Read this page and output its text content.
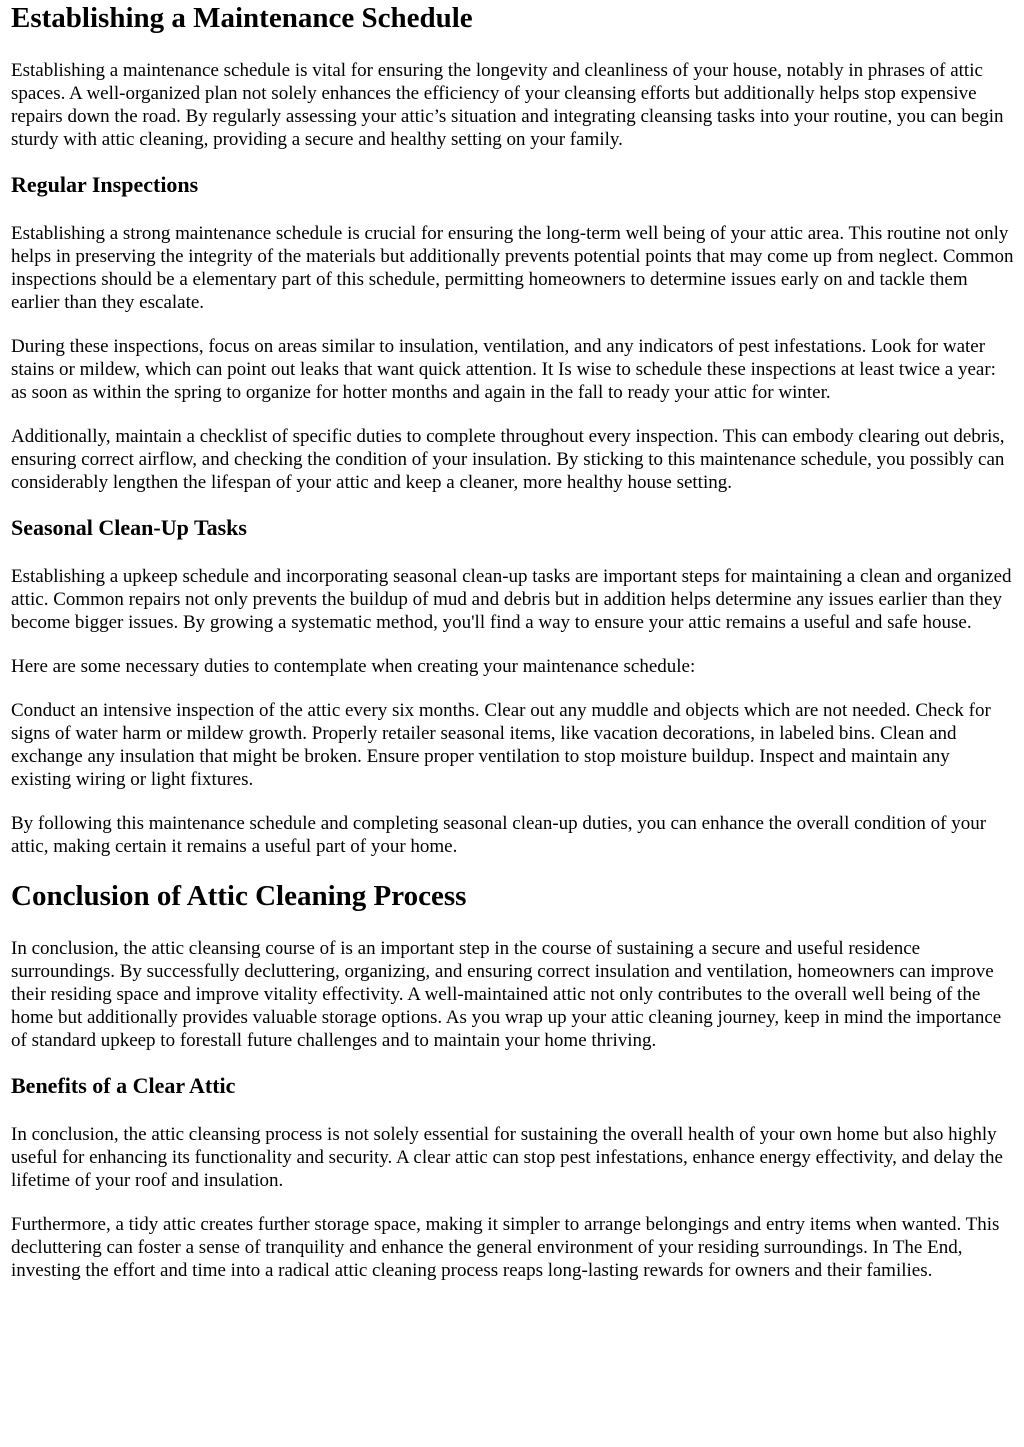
Establishing a Maintenance Schedule

Establishing a maintenance schedule is vital for ensuring the longevity and cleanliness of your house, notably in phrases of attic spaces. A well-organized plan not solely enhances the efficiency of your cleansing efforts but additionally helps stop expensive repairs down the road. By regularly assessing your attic’s situation and integrating cleansing tasks into your routine, you can begin sturdy with attic cleaning, providing a secure and healthy setting on your family.

Regular Inspections

Establishing a strong maintenance schedule is crucial for ensuring the long-term well being of your attic area. This routine not only helps in preserving the integrity of the materials but additionally prevents potential points that may come up from neglect. Common inspections should be a elementary part of this schedule, permitting homeowners to determine issues early on and tackle them earlier than they escalate.

During these inspections, focus on areas similar to insulation, ventilation, and any indicators of pest infestations. Look for water stains or mildew, which can point out leaks that want quick attention. It Is wise to schedule these inspections at least twice a year: as soon as within the spring to organize for hotter months and again in the fall to ready your attic for winter.

Additionally, maintain a checklist of specific duties to complete throughout every inspection. This can embody clearing out debris, ensuring correct airflow, and checking the condition of your insulation. By sticking to this maintenance schedule, you possibly can considerably lengthen the lifespan of your attic and keep a cleaner, more healthy house setting.

Seasonal Clean-Up Tasks

Establishing a upkeep schedule and incorporating seasonal clean-up tasks are important steps for maintaining a clean and organized attic. Common repairs not only prevents the buildup of mud and debris but in addition helps determine any issues earlier than they become bigger issues. By growing a systematic method, you'll find a way to ensure your attic remains a useful and safe house.

Here are some necessary duties to contemplate when creating your maintenance schedule:

Conduct an intensive inspection of the attic every six months. Clear out any muddle and objects which are not needed. Check for signs of water harm or mildew growth. Properly retailer seasonal items, like vacation decorations, in labeled bins. Clean and exchange any insulation that might be broken. Ensure proper ventilation to stop moisture buildup. Inspect and maintain any existing wiring or light fixtures.

By following this maintenance schedule and completing seasonal clean-up duties, you can enhance the overall condition of your attic, making certain it remains a useful part of your home.

Conclusion of Attic Cleaning Process

In conclusion, the attic cleansing course of is an important step in the course of sustaining a secure and useful residence surroundings. By successfully decluttering, organizing, and ensuring correct insulation and ventilation, homeowners can improve their residing space and improve vitality effectivity. A well-maintained attic not only contributes to the overall well being of the home but additionally provides valuable storage options. As you wrap up your attic cleaning journey, keep in mind the importance of standard upkeep to forestall future challenges and to maintain your home thriving.

Benefits of a Clear Attic

In conclusion, the attic cleansing process is not solely essential for sustaining the overall health of your own home but also highly useful for enhancing its functionality and security. A clear attic can stop pest infestations, enhance energy effectivity, and delay the lifetime of your roof and insulation.

Furthermore, a tidy attic creates further storage space, making it simpler to arrange belongings and entry items when wanted. This decluttering can foster a sense of tranquility and enhance the general environment of your residing surroundings. In The End, investing the effort and time into a radical attic cleaning process reaps long-lasting rewards for owners and their families.
